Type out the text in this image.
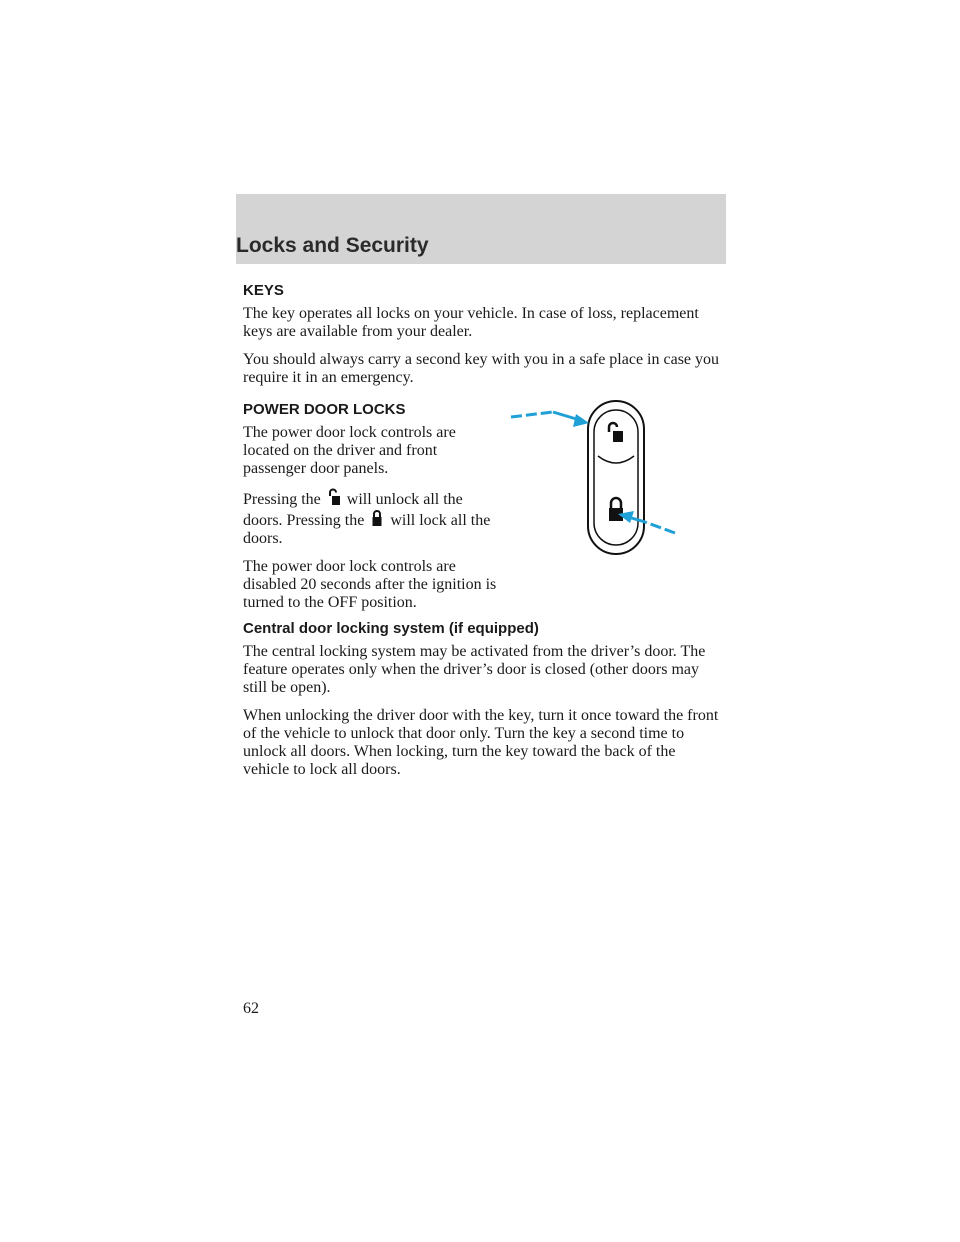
Locks and Security
KEYS

The key operates all locks on your vehicle. In case of loss, replacement keys are available from your dealer.

You should always carry a second key with you in a safe place in case you require it in an emergency.

POWER DOOR LOCKS

The power door lock controls are located on the driver and front passenger door panels.

Pressing the will unlock all the doors. Pressing the will lock all the doors.

The power door lock controls are disabled 20 seconds after the ignition is turned to the OFF position.

Central door locking system (if equipped)

The central locking system may be activated from the driver’s door. The feature operates only when the driver’s door is closed (other doors may still be open).

When unlocking the driver door with the key, turn it once toward the front of the vehicle to unlock that door only. Turn the key a second time to unlock all doors. When locking, turn the key toward the back of the vehicle to lock all doors.

62
